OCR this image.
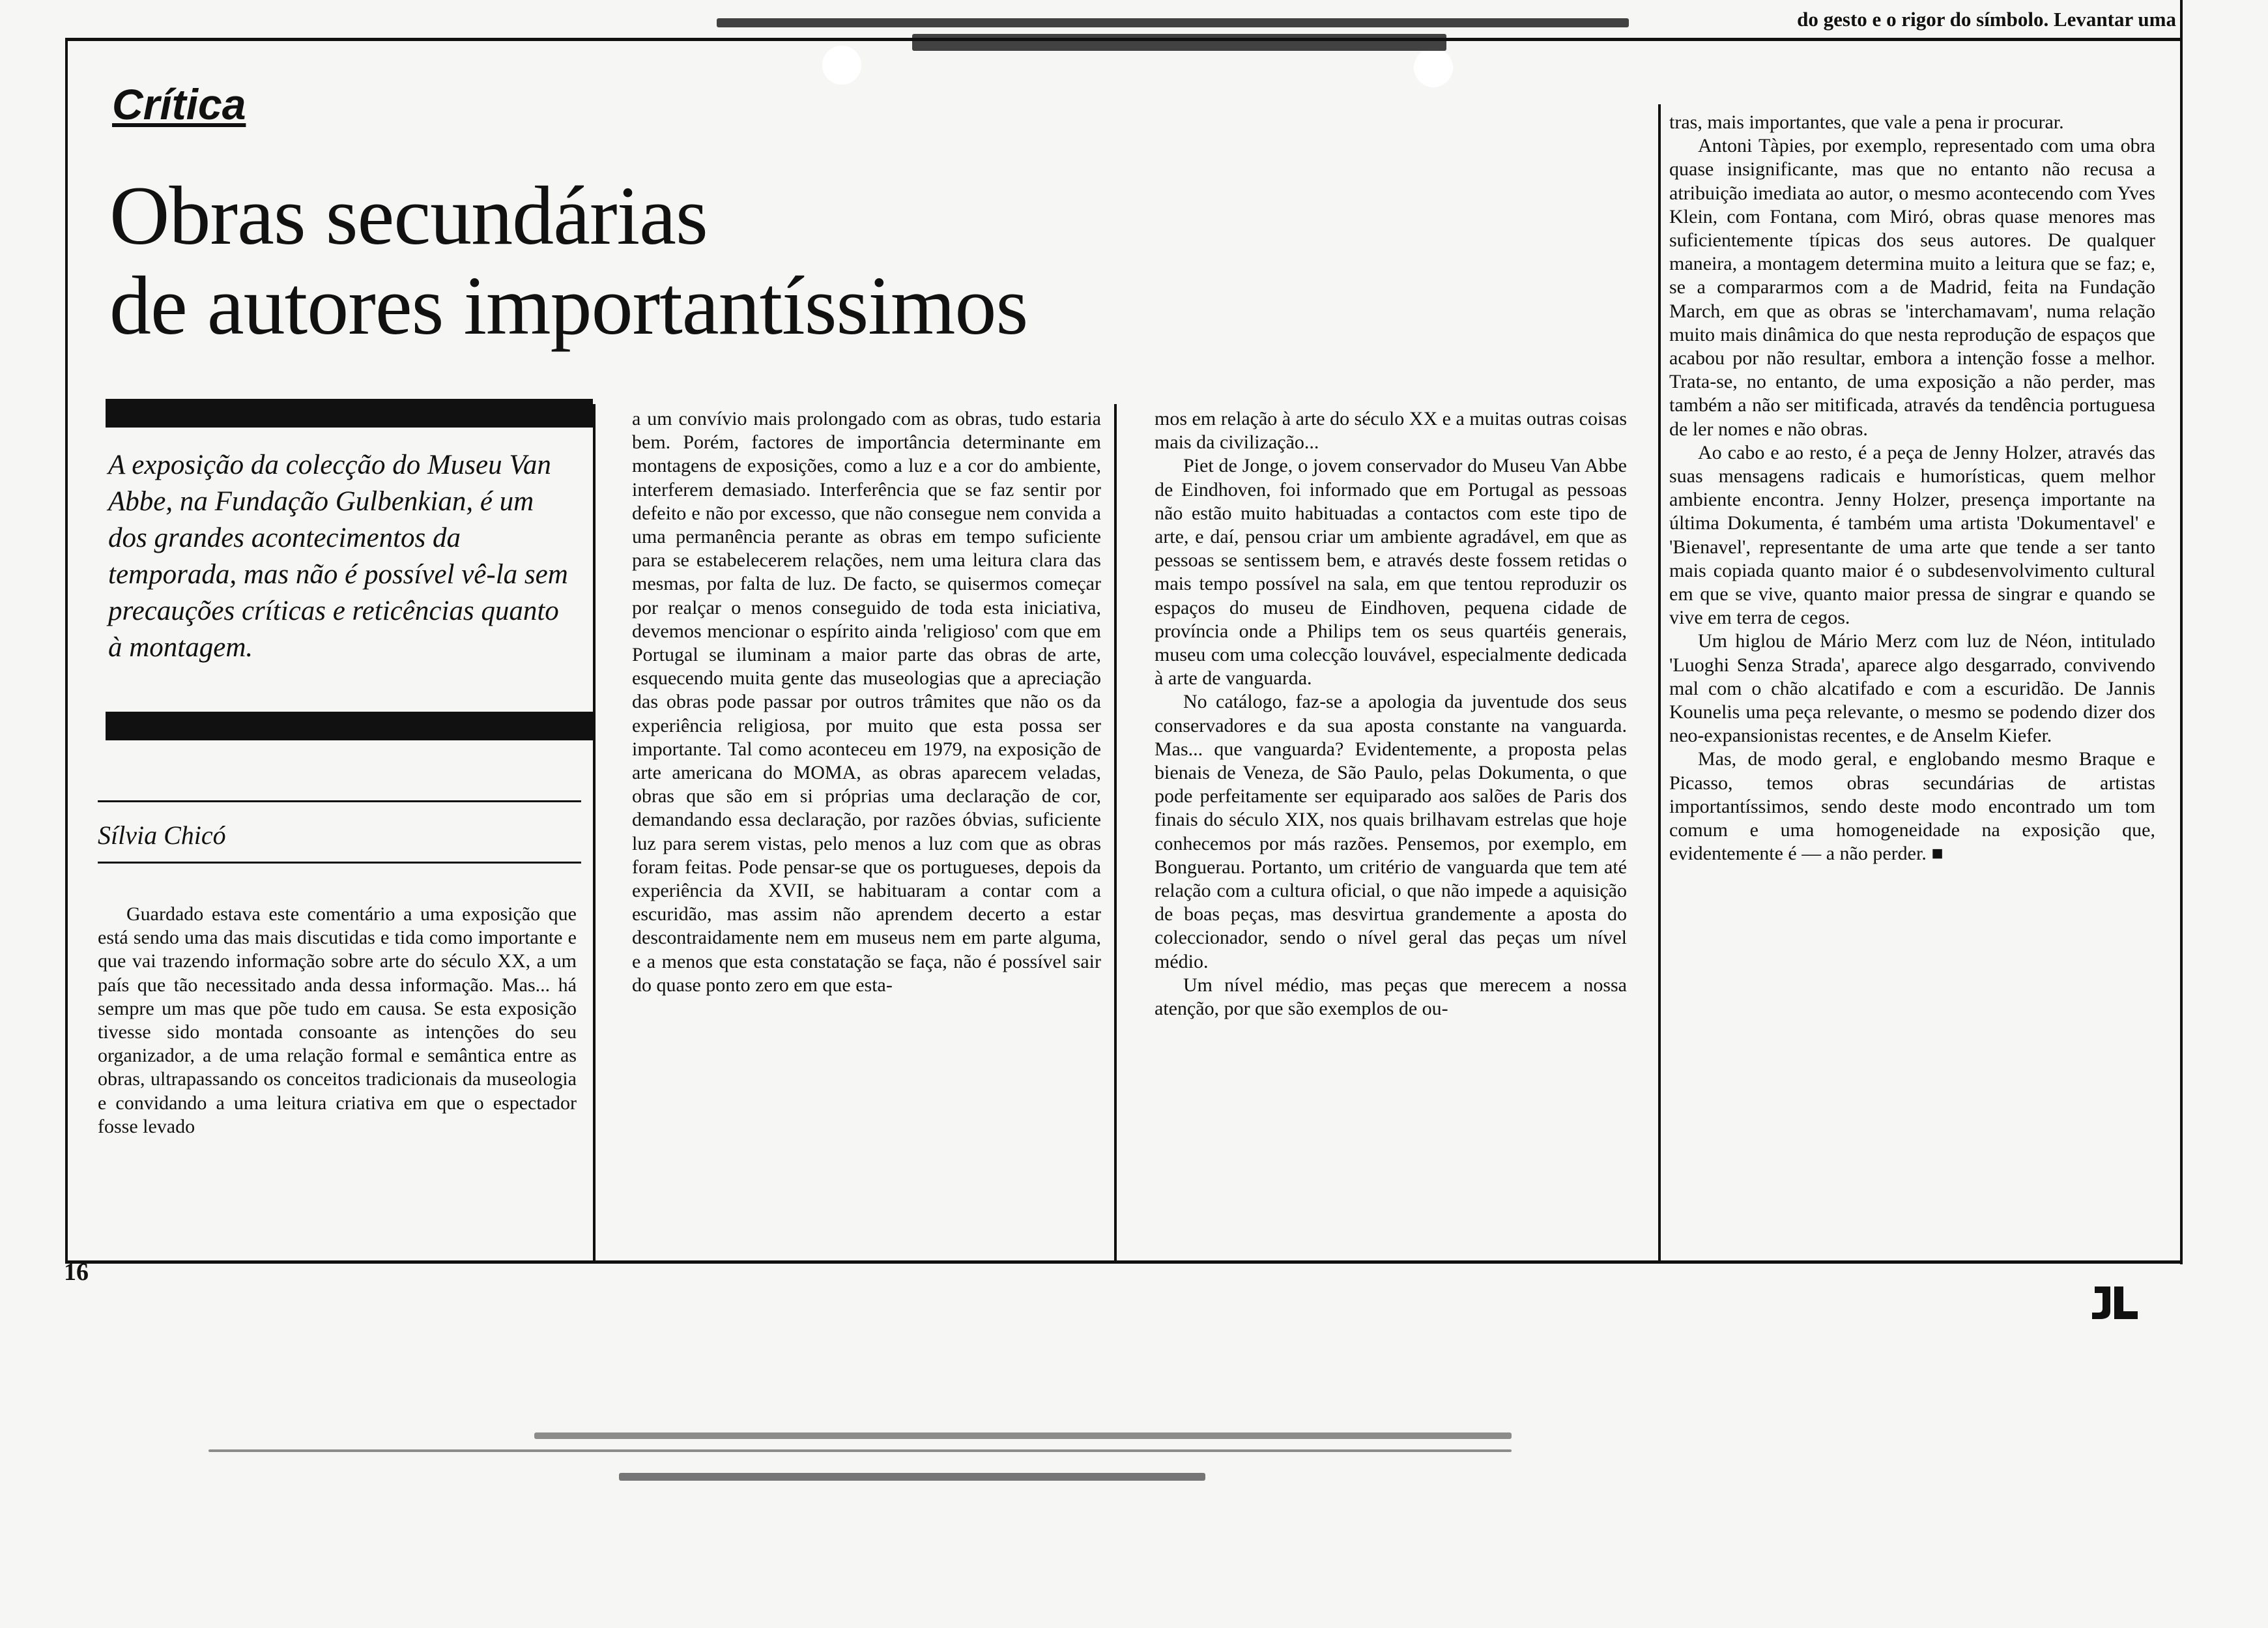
do gesto e o rigor do símbolo. Levantar uma
Crítica
Obras secundárias
de autores importantíssimos
A exposição da colecção do Museu Van Abbe, na Fundação Gulbenkian, é um dos grandes acontecimentos da temporada, mas não é possível vê-la sem precauções críticas e reticências quanto à montagem.
Sílvia Chicó

Guardado estava este comentário a uma exposição que está sendo uma das mais discutidas e tida como importante e que vai trazendo informação sobre arte do século XX, a um país que tão necessitado anda dessa informação. Mas... há sempre um mas que põe tudo em causa. Se esta exposição tivesse sido montada consoante as intenções do seu organizador, a de uma relação formal e semântica entre as obras, ultrapassando os conceitos tradicionais da museologia e convidando a uma leitura criativa em que o espectador fosse levado

a um convívio mais prolongado com as obras, tudo estaria bem. Porém, factores de importância determinante em montagens de exposições, como a luz e a cor do ambiente, interferem demasiado. Interferência que se faz sentir por defeito e não por excesso, que não consegue nem convida a uma permanência perante as obras em tempo suficiente para se estabelecerem relações, nem uma leitura clara das mesmas, por falta de luz. De facto, se quisermos começar por realçar o menos conseguido de toda esta iniciativa, devemos mencionar o espírito ainda 'religioso' com que em Portugal se iluminam a maior parte das obras de arte, esquecendo muita gente das museologias que a apreciação das obras pode passar por outros trâmites que não os da experiência religiosa, por muito que esta possa ser importante. Tal como aconteceu em 1979, na exposição de arte americana do MOMA, as obras aparecem veladas, obras que são em si próprias uma declaração de cor, demandando essa declaração, por razões óbvias, suficiente luz para serem vistas, pelo menos a luz com que as obras foram feitas. Pode pensar-se que os portugueses, depois da experiência da XVII, se habituaram a contar com a escuridão, mas assim não aprendem decerto a estar descontraidamente nem em museus nem em parte alguma, e a menos que esta constatação se faça, não é possível sair do quase ponto zero em que esta-

mos em relação à arte do século XX e a muitas outras coisas mais da civilização...

Piet de Jonge, o jovem conservador do Museu Van Abbe de Eindhoven, foi informado que em Portugal as pessoas não estão muito habituadas a contactos com este tipo de arte, e daí, pensou criar um ambiente agradável, em que as pessoas se sentissem bem, e através deste fossem retidas o mais tempo possível na sala, em que tentou reproduzir os espaços do museu de Eindhoven, pequena cidade de província onde a Philips tem os seus quartéis generais, museu com uma colecção louvável, especialmente dedicada à arte de vanguarda.

No catálogo, faz-se a apologia da juventude dos seus conservadores e da sua aposta constante na vanguarda. Mas... que vanguarda? Evidentemente, a proposta pelas bienais de Veneza, de São Paulo, pelas Dokumenta, o que pode perfeitamente ser equiparado aos salões de Paris dos finais do século XIX, nos quais brilhavam estrelas que hoje conhecemos por más razões. Pensemos, por exemplo, em Bonguerau. Portanto, um critério de vanguarda que tem até relação com a cultura oficial, o que não impede a aquisição de boas peças, mas desvirtua grandemente a aposta do coleccionador, sendo o nível geral das peças um nível médio.

Um nível médio, mas peças que merecem a nossa atenção, por que são exemplos de ou-

tras, mais importantes, que vale a pena ir procurar.

Antoni Tàpies, por exemplo, representado com uma obra quase insignificante, mas que no entanto não recusa a atribuição imediata ao autor, o mesmo acontecendo com Yves Klein, com Fontana, com Miró, obras quase menores mas suficientemente típicas dos seus autores. De qualquer maneira, a montagem determina muito a leitura que se faz; e, se a compararmos com a de Madrid, feita na Fundação March, em que as obras se 'interchamavam', numa relação muito mais dinâmica do que nesta reprodução de espaços que acabou por não resultar, embora a intenção fosse a melhor. Trata-se, no entanto, de uma exposição a não perder, mas também a não ser mitificada, através da tendência portuguesa de ler nomes e não obras.

Ao cabo e ao resto, é a peça de Jenny Holzer, através das suas mensagens radicais e humorísticas, quem melhor ambiente encontra. Jenny Holzer, presença importante na última Dokumenta, é também uma artista 'Dokumentavel' e 'Bienavel', representante de uma arte que tende a ser tanto mais copiada quanto maior é o subdesenvolvimento cultural em que se vive, quanto maior pressa de singrar e quando se vive em terra de cegos.

Um higlou de Mário Merz com luz de Néon, intitulado 'Luoghi Senza Strada', aparece algo desgarrado, convivendo mal com o chão alcatifado e com a escuridão. De Jannis Kounelis uma peça relevante, o mesmo se podendo dizer dos neo-expansionistas recentes, e de Anselm Kiefer.

Mas, de modo geral, e englobando mesmo Braque e Picasso, temos obras secundárias de artistas importantíssimos, sendo deste modo encontrado um tom comum e uma homogeneidade na exposição que, evidentemente é — a não perder. ■

16
